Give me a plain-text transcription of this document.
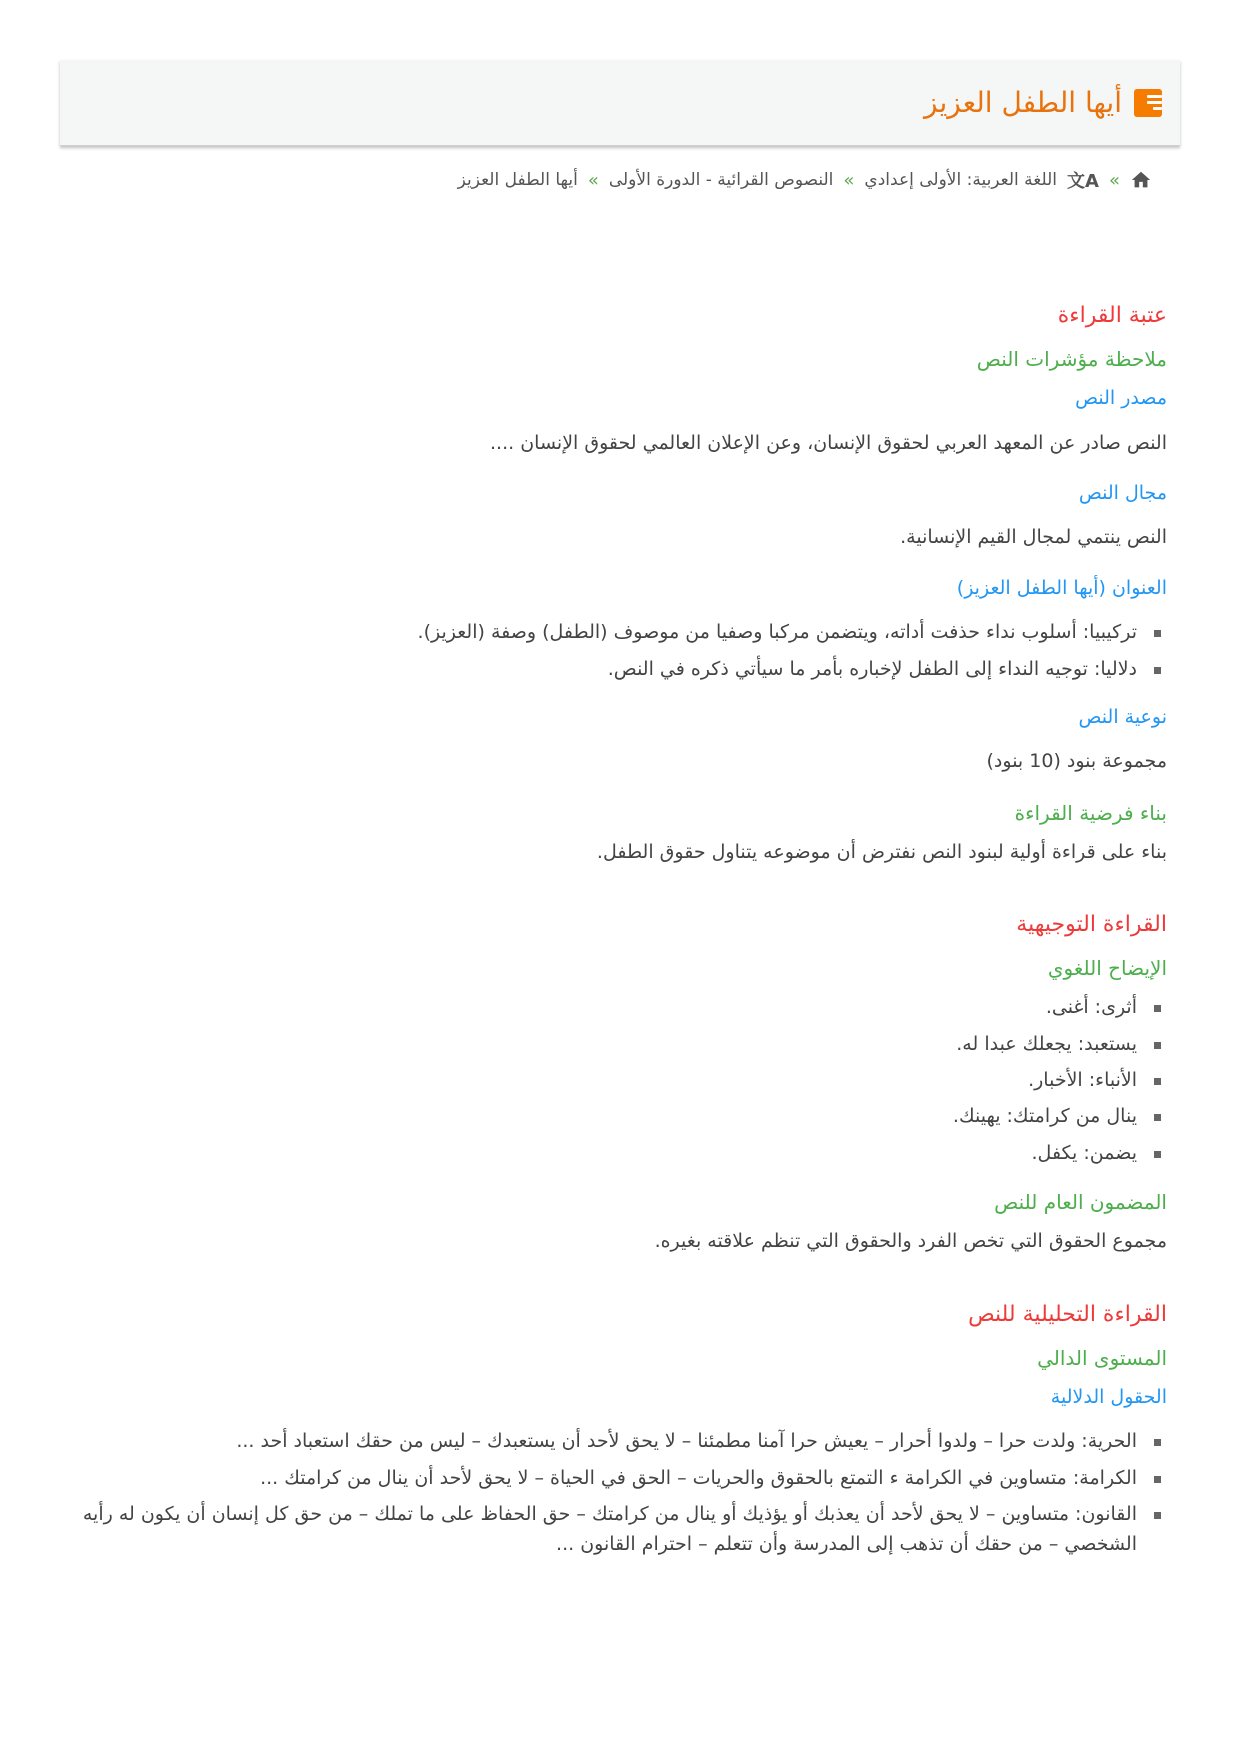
أيها الطفل العزيز
»
文A
اللغة العربية: الأولى إعدادي
»
النصوص القرائية - الدورة الأولى
»
أيها الطفل العزيز
عتبة القراءة
ملاحظة مؤشرات النص
مصدر النص

النص صادر عن المعهد العربي لحقوق الإنسان، وعن الإعلان العالمي لحقوق الإنسان ....

مجال النص

النص ينتمي لمجال القيم الإنسانية.

العنوان (أيها الطفل العزيز)
تركيبيا: أسلوب نداء حذفت أداته، ويتضمن مركبا وصفيا من موصوف (الطفل) وصفة (العزيز).
دلاليا: توجيه النداء إلى الطفل لإخباره بأمر ما سيأتي ذكره في النص.
نوعية النص

مجموعة بنود (10 بنود)

بناء فرضية القراءة

بناء على قراءة أولية لبنود النص نفترض أن موضوعه يتناول حقوق الطفل.

القراءة التوجيهية
الإيضاح اللغوي
أثرى: أغنى.
يستعبد: يجعلك عبدا له.
الأنباء: الأخبار.
ينال من كرامتك: يهينك.
يضمن: يكفل.
المضمون العام للنص

مجموع الحقوق التي تخص الفرد والحقوق التي تنظم علاقته بغيره.

القراءة التحليلية للنص
المستوى الدالي
الحقول الدلالية
الحرية: ولدت حرا – ولدوا أحرار – يعيش حرا آمنا مطمئنا – لا يحق لأحد أن يستعبدك – ليس من حقك استعباد أحد ...
الكرامة: متساوين في الكرامة ء التمتع بالحقوق والحريات – الحق في الحياة – لا يحق لأحد أن ينال من كرامتك ...
القانون: متساوين – لا يحق لأحد أن يعذبك أو يؤذيك أو ينال من كرامتك – حق الحفاظ على ما تملك – من حق كل إنسان أن يكون له رأيه الشخصي – من حقك أن تذهب إلى المدرسة وأن تتعلم – احترام القانون ...
